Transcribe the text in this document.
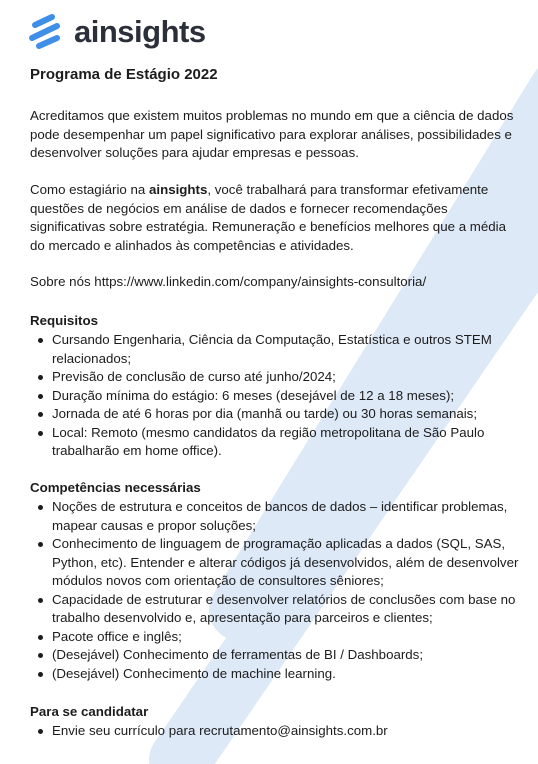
ainsights
Programa de Estágio 2022

Acreditamos que existem muitos problemas no mundo em que a ciência de dados pode desempenhar um papel significativo para explorar análises, possibilidades e desenvolver soluções para ajudar empresas e pessoas.

Como estagiário na ainsights, você trabalhará para transformar efetivamente questões de negócios em análise de dados e fornecer recomendações significativas sobre estratégia. Remuneração e benefícios melhores que a média do mercado e alinhados às competências e atividades.

Sobre nós https://www.linkedin.com/company/ainsights-consultoria/

Requisitos
Cursando Engenharia, Ciência da Computação, Estatística e outros STEM relacionados;
Previsão de conclusão de curso até junho/2024;
Duração mínima do estágio: 6 meses (desejável de 12 a 18 meses);
Jornada de até 6 horas por dia (manhã ou tarde) ou 30 horas semanais;
Local: Remoto (mesmo candidatos da região metropolitana de São Paulo trabalharão em home office).
Competências necessárias
Noções de estrutura e conceitos de bancos de dados – identificar problemas, mapear causas e propor soluções;
Conhecimento de linguagem de programação aplicadas a dados (SQL, SAS, Python, etc). Entender e alterar códigos já desenvolvidos, além de desenvolver módulos novos com orientação de consultores sêniores;
Capacidade de estruturar e desenvolver relatórios de conclusões com base no trabalho desenvolvido e, apresentação para parceiros e clientes;
Pacote office e inglês;
(Desejável) Conhecimento de ferramentas de BI / Dashboards;
(Desejável) Conhecimento de machine learning.
Para se candidatar
Envie seu currículo para recrutamento@ainsights.com.br
